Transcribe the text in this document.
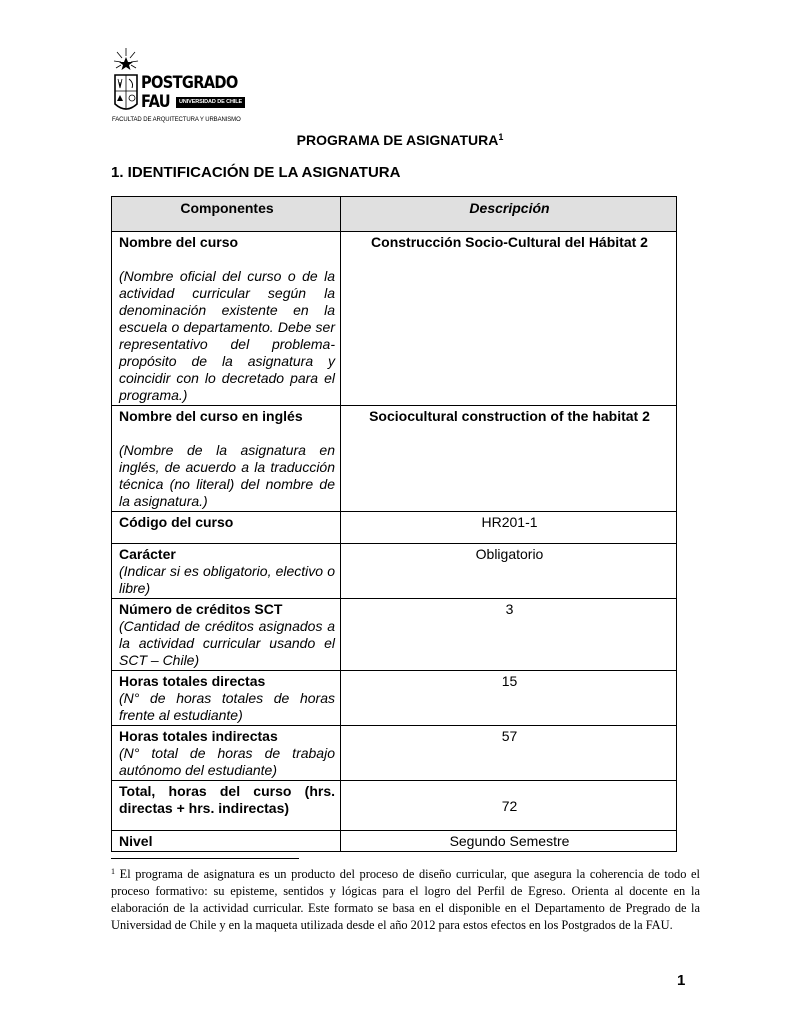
POSTGRADO
FAU	UNIVERSIDAD DE CHILE
FACULTAD DE ARQUITECTURA Y URBANISMO
PROGRAMA DE ASIGNATURA$^1$
1. IDENTIFICACIÓN DE LA ASIGNATURA
Componentes	Descripción

Nombre del curso
(Nombre oficial del curso o de la actividad curricular según la denominación existente en la escuela o departamento. Debe ser representativo del problema-propósito de la asignatura y coincidir con lo decretado para el programa.)	Construcción Socio-Cultural del Hábitat 2

Nombre del curso en inglés
(Nombre de la asignatura en inglés, de acuerdo a la traducción técnica (no literal) del nombre de la asignatura.)	Sociocultural construction of the habitat 2

Código del curso	HR201-1

Carácter
(Indicar si es obligatorio, electivo o libre)	Obligatorio

Número de créditos SCT
(Cantidad de créditos asignados a la actividad curricular usando el SCT – Chile)	3

Horas totales directas
(N° de horas totales de horas frente al estudiante)	15

Horas totales indirectas
(N° total de horas de trabajo autónomo del estudiante)	57

Total, horas del curso (hrs. directas + hrs. indirectas)	72

Nivel	Segundo Semestre
$^1$ El programa de asignatura es un producto del proceso de diseño curricular, que asegura la coherencia de todo el proceso formativo: su episteme, sentidos y lógicas para el logro del Perfil de Egreso. Orienta al docente en la elaboración de la actividad curricular. Este formato se basa en el disponible en el Departamento de Pregrado de la Universidad de Chile y en la maqueta utilizada desde el año 2012 para estos efectos en los Postgrados de la FAU.
1
